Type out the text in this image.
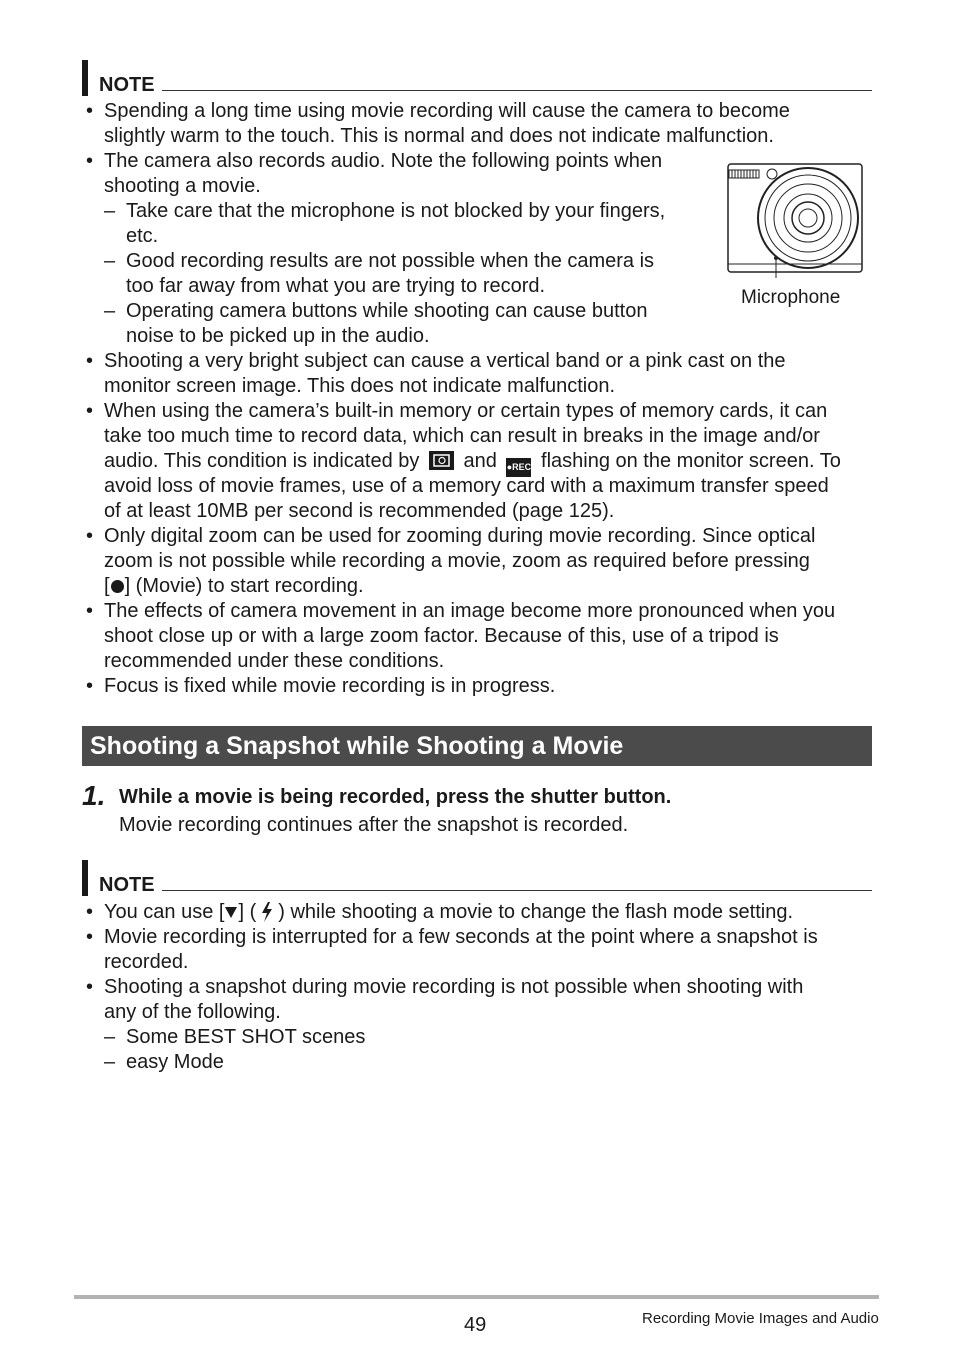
NOTE
• Spending a long time using movie recording will cause the camera to become
slightly warm to the touch. This is normal and does not indicate malfunction.
• The camera also records audio. Note the following points when
shooting a movie.
– Take care that the microphone is not blocked by your fingers,
etc.
– Good recording results are not possible when the camera is
too far away from what you are trying to record.
– Operating camera buttons while shooting can cause button
noise to be picked up in the audio.
Microphone
• Shooting a very bright subject can cause a vertical band or a pink cast on the
monitor screen image. This does not indicate malfunction.
• When using the camera’s built-in memory or certain types of memory cards, it can
take too much time to record data, which can result in breaks in the image and/or
audio. This condition is indicated by and ●REC flashing on the monitor screen. To
avoid loss of movie frames, use of a memory card with a maximum transfer speed
of at least 10MB per second is recommended (page 125).
• Only digital zoom can be used for zooming during movie recording. Since optical
zoom is not possible while recording a movie, zoom as required before pressing
[ ] (Movie) to start recording.
• The effects of camera movement in an image become more pronounced when you
shoot close up or with a large zoom factor. Because of this, use of a tripod is
recommended under these conditions.
• Focus is fixed while movie recording is in progress.
Shooting a Snapshot while Shooting a Movie
1. While a movie is being recorded, press the shutter button.
Movie recording continues after the snapshot is recorded.
NOTE
• You can use [ ] ( ) while shooting a movie to change the flash mode setting.
• Movie recording is interrupted for a few seconds at the point where a snapshot is
recorded.
• Shooting a snapshot during movie recording is not possible when shooting with
any of the following.
– Some BEST SHOT scenes
– easy Mode
49	Recording Movie Images and Audio
